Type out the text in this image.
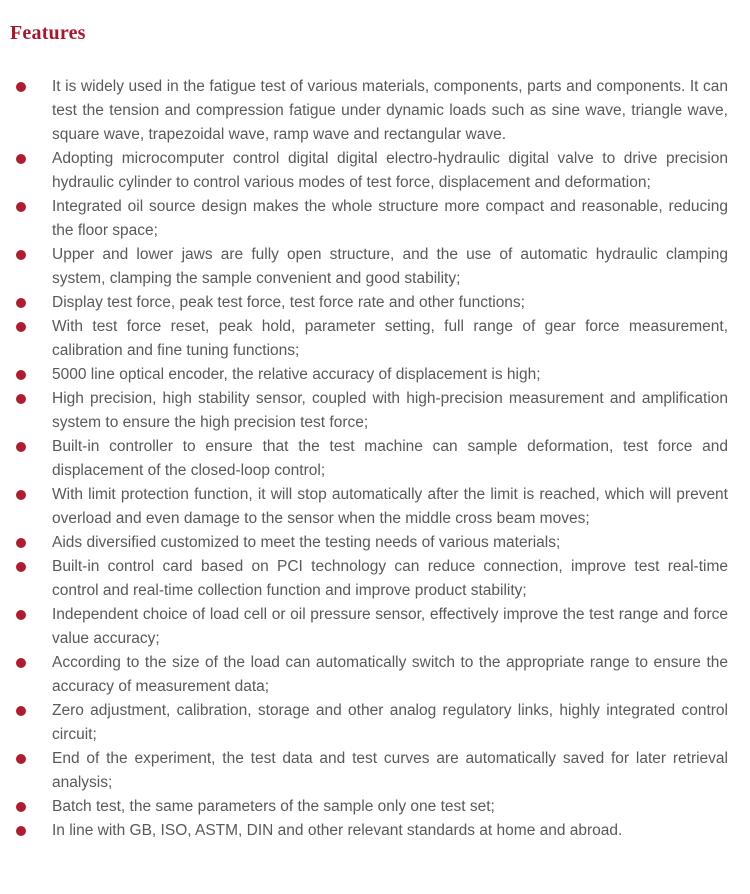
Features
It is widely used in the fatigue test of various materials, components, parts and components. It can test the tension and compression fatigue under dynamic loads such as sine wave, triangle wave, square wave, trapezoidal wave, ramp wave and rectangular wave.
Adopting microcomputer control digital digital electro-hydraulic digital valve to drive precision hydraulic cylinder to control various modes of test force, displacement and deformation;
Integrated oil source design makes the whole structure more compact and reasonable, reducing the floor space;
Upper and lower jaws are fully open structure, and the use of automatic hydraulic clamping system, clamping the sample convenient and good stability;
Display test force, peak test force, test force rate and other functions;
With test force reset, peak hold, parameter setting, full range of gear force measurement, calibration and fine tuning functions;
5000 line optical encoder, the relative accuracy of displacement is high;
High precision, high stability sensor, coupled with high-precision measurement and amplification system to ensure the high precision test force;
Built-in controller to ensure that the test machine can sample deformation, test force and displacement of the closed-loop control;
With limit protection function, it will stop automatically after the limit is reached, which will prevent overload and even damage to the sensor when the middle cross beam moves;
Aids diversified customized to meet the testing needs of various materials;
Built-in control card based on PCI technology can reduce connection, improve test real-time control and real-time collection function and improve product stability;
Independent choice of load cell or oil pressure sensor, effectively improve the test range and force value accuracy;
According to the size of the load can automatically switch to the appropriate range to ensure the accuracy of measurement data;
Zero adjustment, calibration, storage and other analog regulatory links, highly integrated control circuit;
End of the experiment, the test data and test curves are automatically saved for later retrieval analysis;
Batch test, the same parameters of the sample only one test set;
In line with GB, ISO, ASTM, DIN and other relevant standards at home and abroad.
